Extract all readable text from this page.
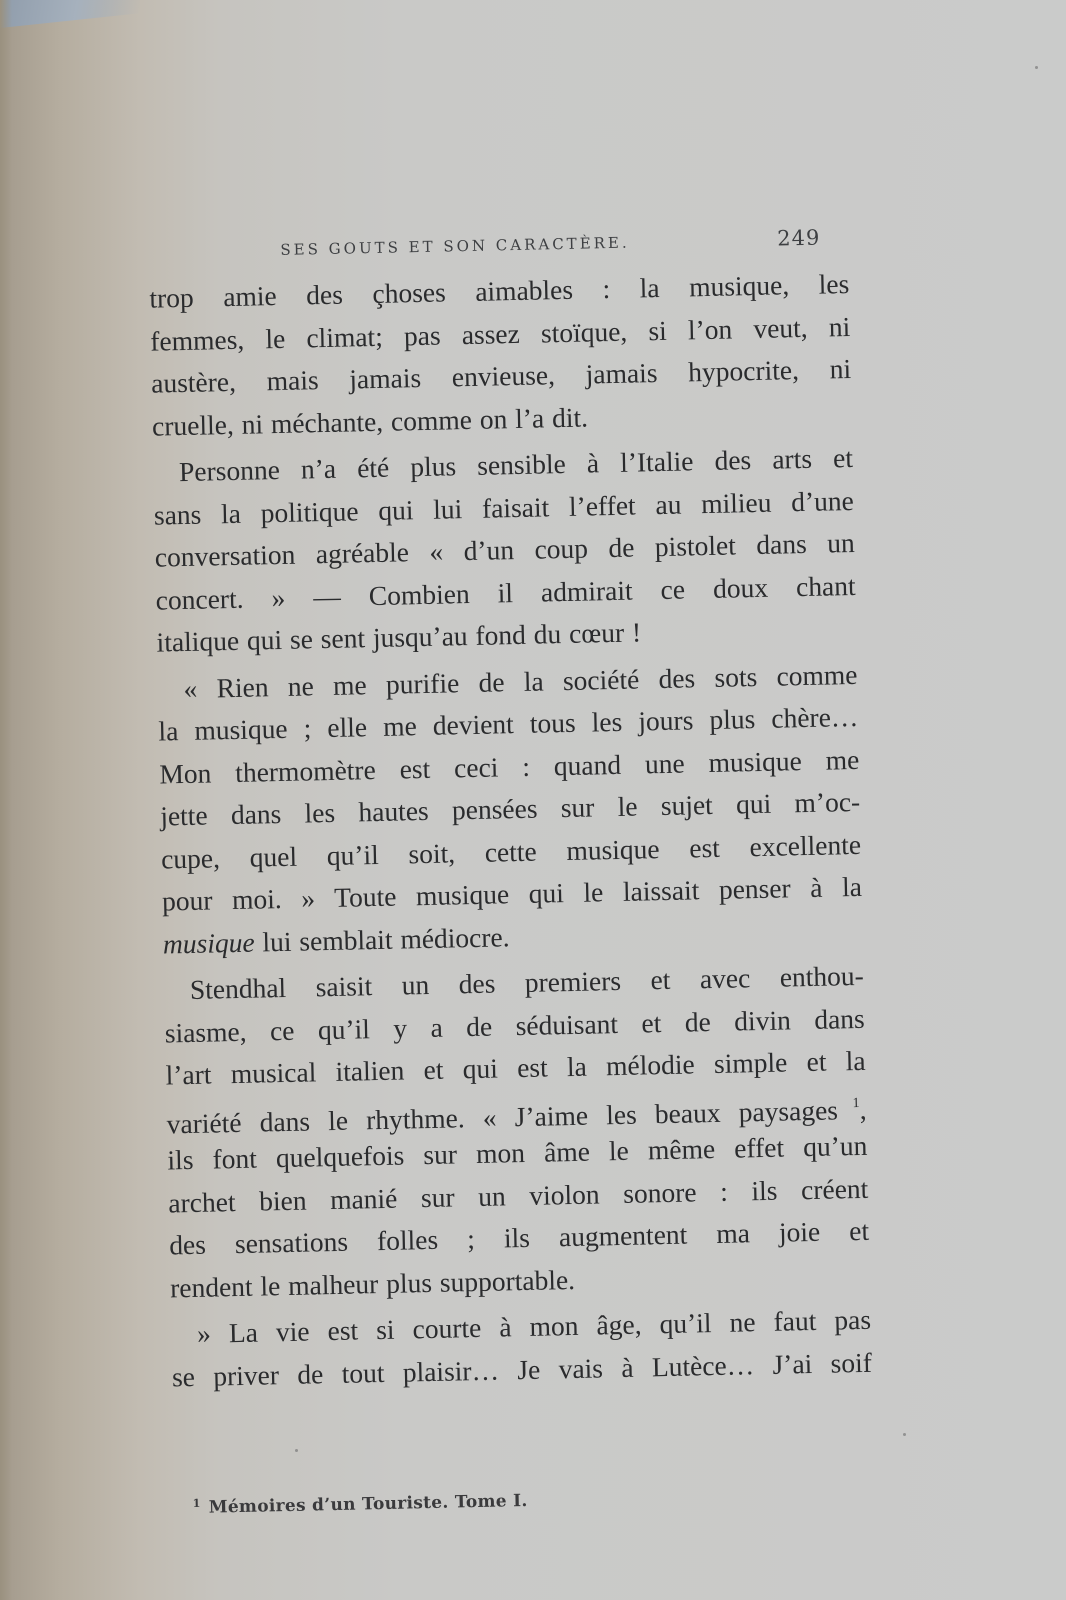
SES GOUTS ET SON CARACTÈRE.	249
trop amie des çhoses aimables : la musique, les
femmes, le climat; pas assez stoïque, si l’on veut, ni
austère, mais jamais envieuse, jamais hypocrite, ni
cruelle, ni méchante, comme on l’a dit.
Personne n’a été plus sensible à l’Italie des arts et
sans la politique qui lui faisait l’effet au milieu d’une
conversation agréable « d’un coup de pistolet dans un
concert. » — Combien il admirait ce doux chant
italique qui se sent jusqu’au fond du cœur !
« Rien ne me purifie de la société des sots comme
la musique ; elle me devient tous les jours plus chère…
Mon thermomètre est ceci : quand une musique me
jette dans les hautes pensées sur le sujet qui m’oc-
cupe, quel qu’il soit, cette musique est excellente
pour moi. » Toute musique qui le laissait penser à la
musique lui semblait médiocre.
Stendhal saisit un des premiers et avec enthou-
siasme, ce qu’il y a de séduisant et de divin dans
l’art musical italien et qui est la mélodie simple et la
variété dans le rhythme. « J’aime les beaux paysages $^1$,
ils font quelquefois sur mon âme le même effet qu’un
archet bien manié sur un violon sonore : ils créent
des sensations folles ; ils augmentent ma joie et
rendent le malheur plus supportable.
» La vie est si courte à mon âge, qu’il ne faut pas
se priver de tout plaisir… Je vais à Lutèce… J’ai soif
$^1$ Mémoires d’un Touriste. Tome I.
